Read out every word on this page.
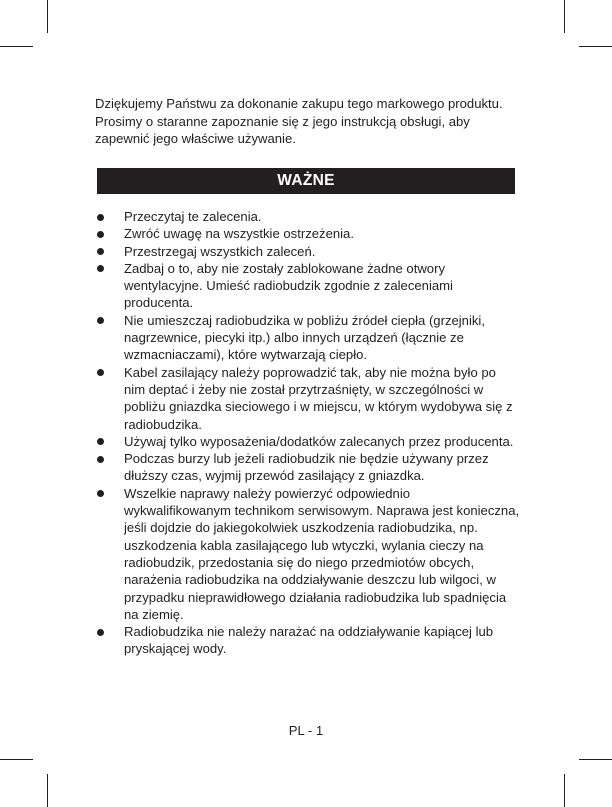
Dziękujemy Państwu za dokonanie zakupu tego markowego produktu. Prosimy o staranne zapoznanie się z jego instrukcją obsługi, aby zapewnić jego właściwe używanie.

WAŻNE
Przeczytaj te zalecenia.
Zwróć uwagę na wszystkie ostrzeżenia.
Przestrzegaj wszystkich zaleceń.
Zadbaj o to, aby nie zostały zablokowane żadne otwory wentylacyjne. Umieść radiobudzik zgodnie z zaleceniami producenta.
Nie umieszczaj radiobudzika w pobliżu źródeł ciepła (grzejniki, nagrzewnice, piecyki itp.) albo innych urządzeń (łącznie ze wzmacniaczami), które wytwarzają ciepło.
Kabel zasilający należy poprowadzić tak, aby nie można było po nim deptać i żeby nie został przytrzaśnięty, w szczególności w pobliżu gniazdka sieciowego i w miejscu, w którym wydobywa się z radiobudzika.
Używaj tylko wyposażenia/dodatków zalecanych przez producenta.
Podczas burzy lub jeżeli radiobudzik nie będzie używany przez dłuższy czas, wyjmij przewód zasilający z gniazdka.
Wszelkie naprawy należy powierzyć odpowiednio wykwalifikowanym technikom serwisowym. Naprawa jest konieczna, jeśli dojdzie do jakiegokolwiek uszkodzenia radiobudzika, np. uszkodzenia kabla zasilającego lub wtyczki, wylania cieczy na radiobudzik, przedostania się do niego przedmiotów obcych, narażenia radiobudzika na oddziaływanie deszczu lub wilgoci, w przypadku nieprawidłowego działania radiobudzika lub spadnięcia na ziemię.
Radiobudzika nie należy narażać na oddziaływanie kapiącej lub pryskającej wody.
PL - 1
